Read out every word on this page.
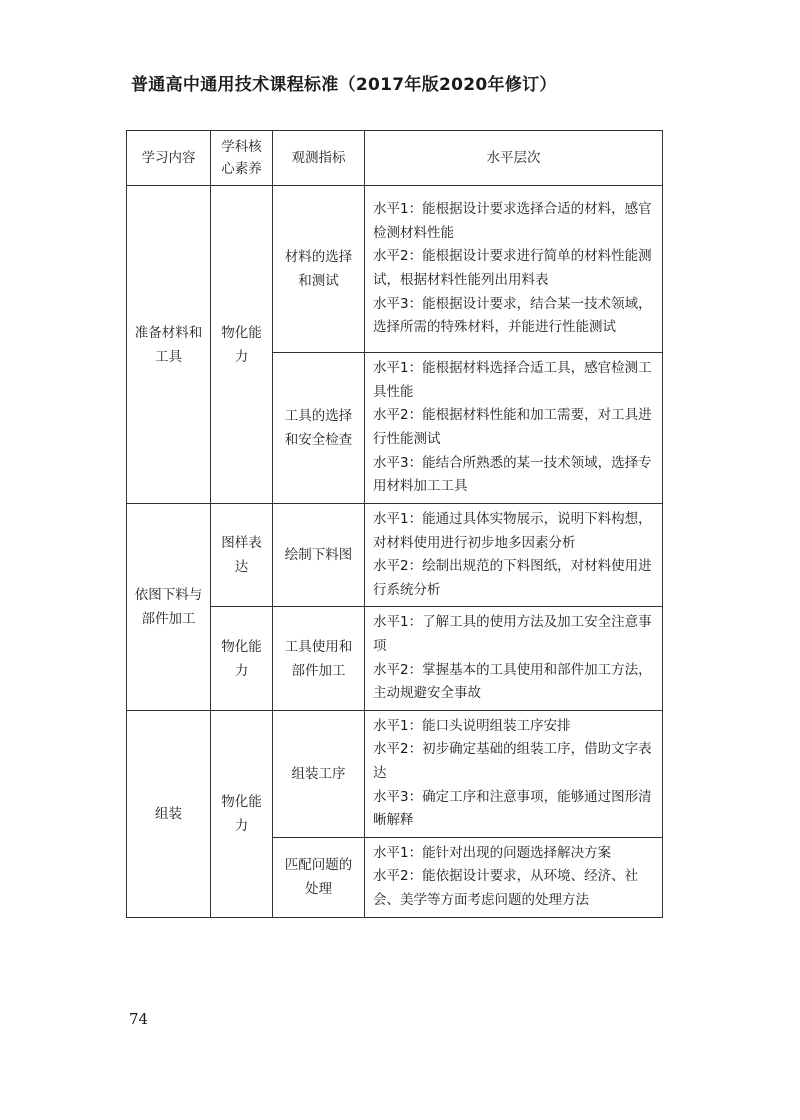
普通高中通用技术课程标准（2017年版2020年修订）
学习内容	学科核心素养	观测指标	水平层次
准备材料和工具	物化能力	材料的选择和测试	水平1：能根据设计要求选择合适的材料，感官检测材料性能
水平2：能根据设计要求进行简单的材料性能测试，根据材料性能列出用料表
水平3：能根据设计要求，结合某一技术领域，选择所需的特殊材料，并能进行性能测试

		工具的选择和安全检查	水平1：能根据材料选择合适工具，感官检测工具性能
水平2：能根据材料性能和加工需要，对工具进行性能测试
水平3：能结合所熟悉的某一技术领域，选择专用材料加工工具

依图下料与部件加工	图样表达	绘制下料图	水平1：能通过具体实物展示，说明下料构想，对材料使用进行初步地多因素分析
水平2：绘制出规范的下料图纸，对材料使用进行系统分析

	物化能力	工具使用和部件加工	水平1：了解工具的使用方法及加工安全注意事项
水平2：掌握基本的工具使用和部件加工方法，主动规避安全事故

组装	物化能力	组装工序	水平1：能口头说明组装工序安排
水平2：初步确定基础的组装工序，借助文字表达
水平3：确定工序和注意事项，能够通过图形清晰解释

		匹配问题的处理	水平1：能针对出现的问题选择解决方案
水平2：能依据设计要求，从环境、经济、社会、美学等方面考虑问题的处理方法
74
